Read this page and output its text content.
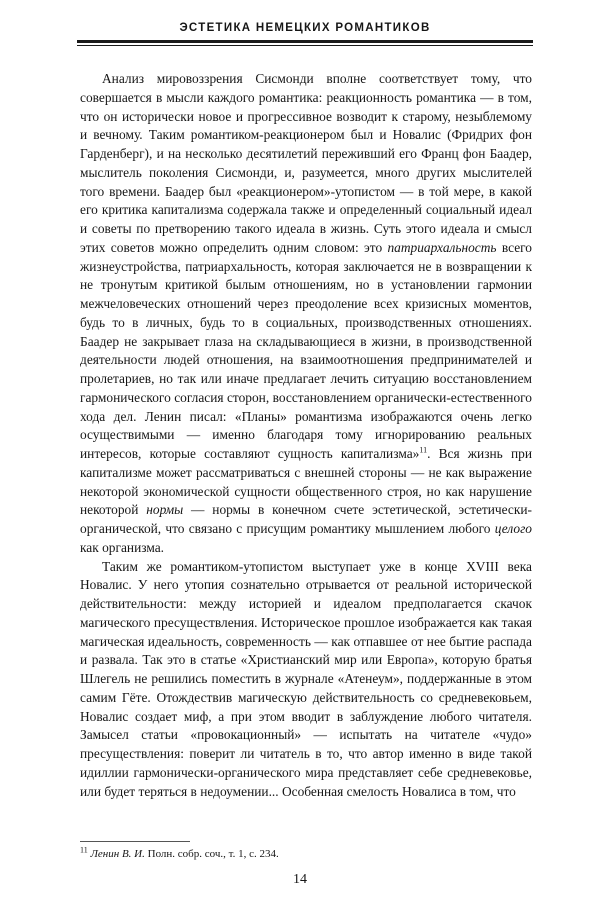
ЭСТЕТИКА НЕМЕЦКИХ РОМАНТИКОВ

Анализ мировоззрения Сисмонди вполне соответствует тому, что совершается в мысли каждого романтика: реакционность романтика — в том, что он исторически новое и прогрессивное возводит к старому, незыблемому и вечному. Таким романтиком-реакционером был и Новалис (Фридрих фон Гарденберг), и на несколько десятилетий переживший его Франц фон Баадер, мыслитель поколения Сисмонди, и, разумеется, много других мыслителей того времени. Баадер был «реакционером»-утопистом — в той мере, в какой его критика капитализма содержала также и определенный социальный идеал и советы по претворению такого идеала в жизнь. Суть этого идеала и смысл этих советов можно определить одним словом: это патриархальность всего жизнеустройства, патриархальность, которая заключается не в возвращении к не тронутым критикой былым отношениям, но в установлении гармонии межчеловеческих отношений через преодоление всех кризисных моментов, будь то в личных, будь то в социальных, производственных отношениях. Баадер не закрывает глаза на складывающиеся в жизни, в производственной деятельности людей отношения, на взаимоотношения предпринимателей и пролетариев, но так или иначе предлагает лечить ситуацию восстановлением гармонического согласия сторон, восстановлением органически-естественного хода дел. Ленин писал: «Планы» романтизма изображаются очень легко осуществимыми — именно благодаря тому игнорированию реальных интересов, которые составляют сущность капитализма»$^{11}$. Вся жизнь при капитализме может рассматриваться с внешней стороны — не как выражение некоторой экономической сущности общественного строя, но как нарушение некоторой нормы — нормы в конечном счете эстетической, эстетически-органической, что связано с присущим романтику мышлением любого целого как организма.

Таким же романтиком-утопистом выступает уже в конце XVIII века Новалис. У него утопия сознательно отрывается от реальной исторической действительности: между историей и идеалом предполагается скачок магического пресуществления. Историческое прошлое изображается как такая магическая идеальность, современность — как отпавшее от нее бытие распада и развала. Так это в статье «Христианский мир или Европа», которую братья Шлегель не решились поместить в журнале «Атенеум», поддержанные в этом самим Гёте. Отождествив магическую действительность со средневековьем, Новалис создает миф, а при этом вводит в заблуждение любого читателя. Замысел статьи «провокационный» — испытать на читателе «чудо» пресуществления: поверит ли читатель в то, что автор именно в виде такой идиллии гармонически-органического мира представляет себе средневековье, или будет теряться в недоумении... Особенная смелость Новалиса в том, что

$^{11}$ Ленин В. И. Полн. собр. соч., т. 1, с. 234.
14
